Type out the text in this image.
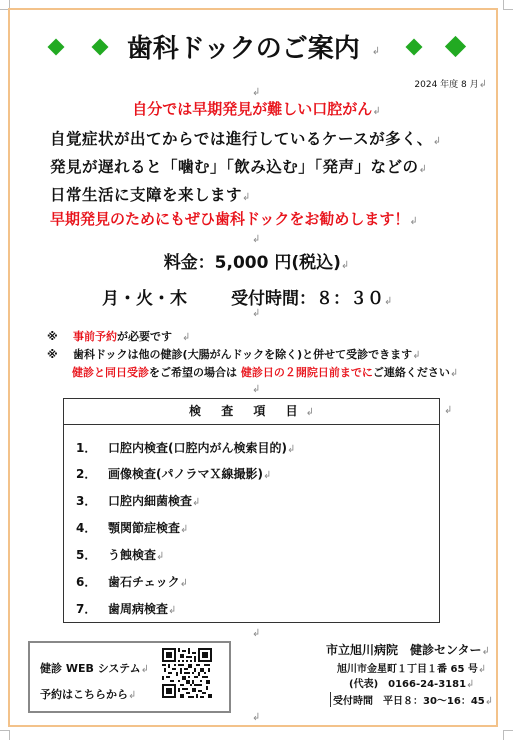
歯科ドックのご案内 ↲
2024 年度 8 月↲
↲
自分では早期発見が難しい口腔がん↲
自覚症状が出てからでは進行しているケースが多く、↲
発見が遅れると「噛む」「飲み込む」「発声」などの↲
日常生活に支障を来します↲
早期発見のためにもぜひ歯科ドックをお勧めします！↲
↲
料金：5,000 円(税込)↲
月・火・木	受付時間：８：３０↲
↲
※ 事前予約が必要です　↲
※ 歯科ドックは他の健診(大腸がんドックを除く)と併せて受診できます↲
健診と同日受診をご希望の場合は 健診日の２開院日前までにご連絡ください↲
↲
検 査 項 目↲	↲
1． 口腔内検査(口腔内がん検索目的)↲
2． 画像検査(パノラマＸ線撮影)↲
3． 口腔内細菌検査↲
4． 顎関節症検査↲
5． う蝕検査↲
6． 歯石チェック↲
7． 歯周病検査↲
↲
健診 WEB システム↲
予約はこちらから↲
市立旭川病院　健診センター↲
旭川市金星町１丁目１番 65 号↲
(代表)　0166-24-3181↲
受付時間　平日８：30～16：45↲
↲
